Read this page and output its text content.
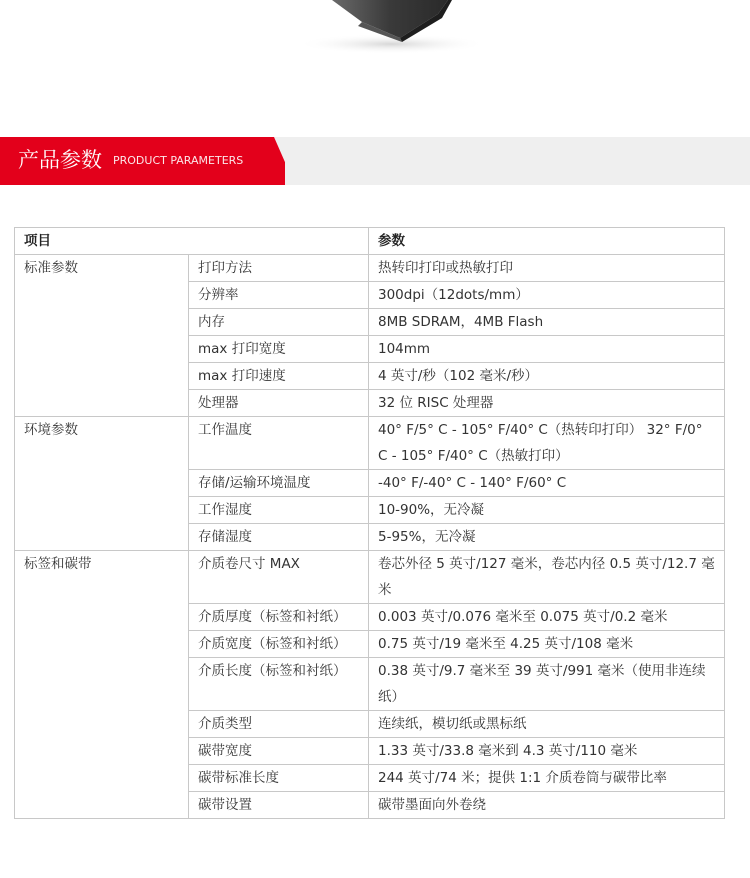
产品参数 PRODUCT PARAMETERS
项目		参数
标准参数	打印方法	热转印打印或热敏打印
	分辨率	300dpi（12dots/mm）
	内存	8MB SDRAM，4MB Flash
	max 打印宽度	104mm
	max 打印速度	4 英寸/秒（102 毫米/秒）
	处理器	32 位 RISC 处理器
环境参数	工作温度	40° F/5° C - 105° F/40° C（热转印打印） 32° F/0° C - 105° F/40° C（热敏打印）
	存储/运输环境温度	-40° F/-40° C - 140° F/60° C
	工作湿度	10-90%，无冷凝
	存储湿度	5-95%，无冷凝
标签和碳带	介质卷尺寸 MAX	卷芯外径 5 英寸/127 毫米，卷芯内径 0.5 英寸/12.7 毫米
	介质厚度（标签和衬纸）	0.003 英寸/0.076 毫米至 0.075 英寸/0.2 毫米
	介质宽度（标签和衬纸）	0.75 英寸/19 毫米至 4.25 英寸/108 毫米
	介质长度（标签和衬纸）	0.38 英寸/9.7 毫米至 39 英寸/991 毫米（使用非连续纸）
	介质类型	连续纸，模切纸或黑标纸
	碳带宽度	1.33 英寸/33.8 毫米到 4.3 英寸/110 毫米
	碳带标准长度	244 英寸/74 米；提供 1:1 介质卷筒与碳带比率
	碳带设置	碳带墨面向外卷绕
